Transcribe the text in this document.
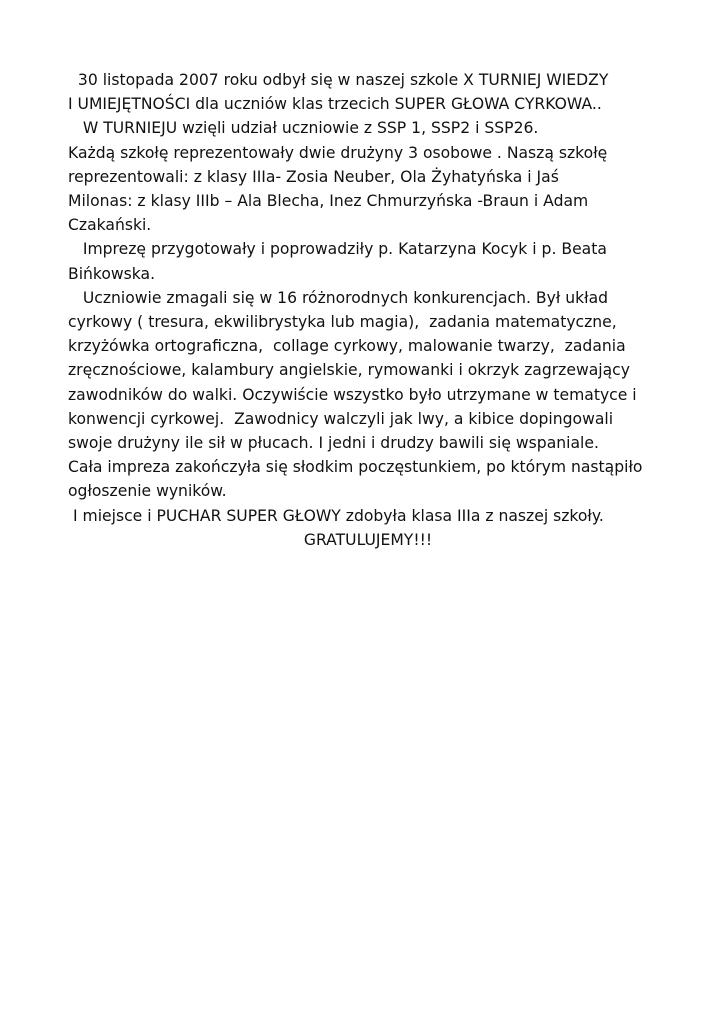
30 listopada 2007 roku odbył się w naszej szkole X TURNIEJ WIEDZY
I UMIEJĘTNOŚCI dla uczniów klas trzecich SUPER GŁOWA CYRKOWA..
W TURNIEJU wzięli udział uczniowie z SSP 1, SSP2 i SSP26.
Każdą szkołę reprezentowały dwie drużyny 3 osobowe . Naszą szkołę
reprezentowali: z klasy IIIa- Zosia Neuber, Ola Żyhatyńska i Jaś
Milonas: z klasy IIIb – Ala Blecha, Inez Chmurzyńska -Braun i Adam
Czakański.
Imprezę przygotowały i poprowadziły p. Katarzyna Kocyk i p. Beata
Bińkowska.
Uczniowie zmagali się w 16 różnorodnych konkurencjach. Był układ
cyrkowy ( tresura, ekwilibrystyka lub magia),  zadania matematyczne,
krzyżówka ortograficzna,  collage cyrkowy, malowanie twarzy,  zadania
zręcznościowe, kalambury angielskie, rymowanki i okrzyk zagrzewający
zawodników do walki. Oczywiście wszystko było utrzymane w tematyce i
konwencji cyrkowej.  Zawodnicy walczyli jak lwy, a kibice dopingowali
swoje drużyny ile sił w płucach. I jedni i drudzy bawili się wspaniale.
Cała impreza zakończyła się słodkim poczęstunkiem, po którym nastąpiło
ogłoszenie wyników.
I miejsce i PUCHAR SUPER GŁOWY zdobyła klasa IIIa z naszej szkoły.
GRATULUJEMY!!!
